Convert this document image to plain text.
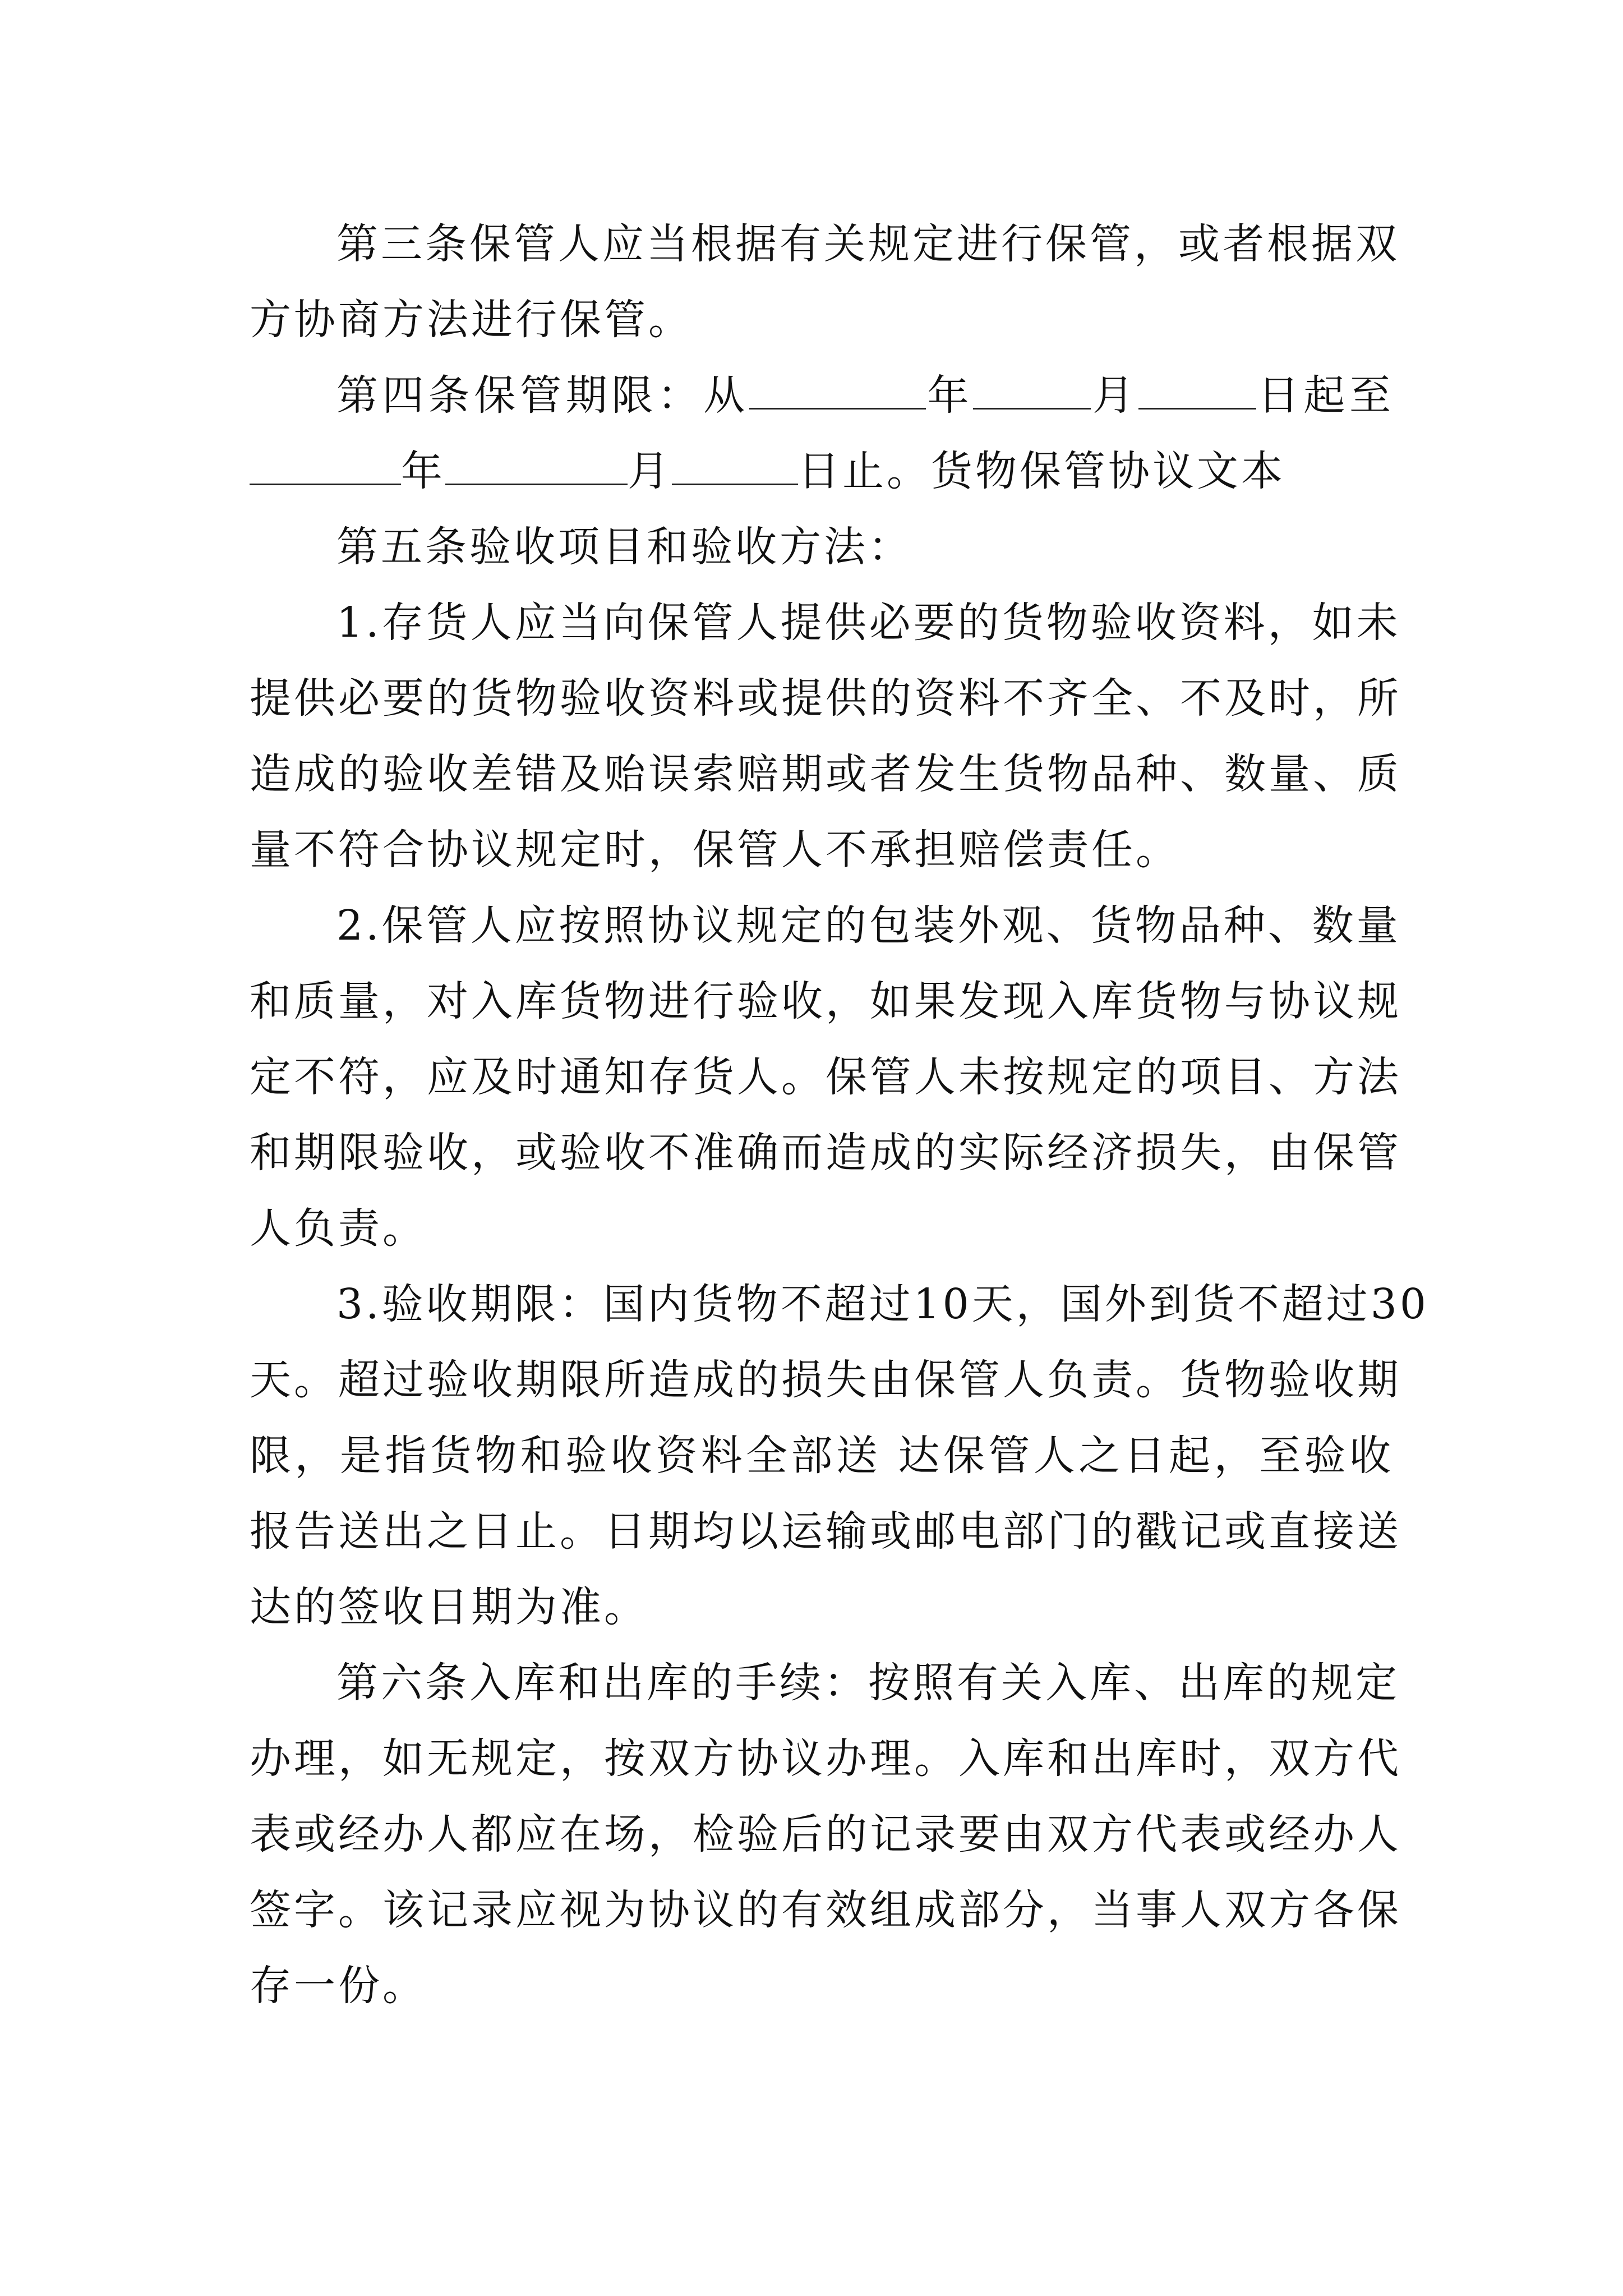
第三条保管人应当根据有关规定进行保管，或者根据双
方协商方法进行保管。
第四条保管期限：从	年	月	日起至
年	月	日止。货物保管协议文本
第五条验收项目和验收方法：
1.存货人应当向保管人提供必要的货物验收资料，如未
提供必要的货物验收资料或提供的资料不齐全、不及时，所
造成的验收差错及贻误索赔期或者发生货物品种、数量、质
量不符合协议规定时，保管人不承担赔偿责任。
2.保管人应按照协议规定的包装外观、货物品种、数量
和质量，对入库货物进行验收，如果发现入库货物与协议规
定不符，应及时通知存货人。保管人未按规定的项目、方法
和期限验收，或验收不准确而造成的实际经济损失，由保管
人负责。
3.验收期限：国内货物不超过10天，国外到货不超过30
天。超过验收期限所造成的损失由保管人负责。货物验收期
限，是指货物和验收资料全部送 达保管人之日起，至验收
报告送出之日止。日期均以运输或邮电部门的戳记或直接送
达的签收日期为准。
第六条入库和出库的手续：按照有关入库、出库的规定
办理，如无规定，按双方协议办理。入库和出库时，双方代
表或经办人都应在场，检验后的记录要由双方代表或经办人
签字。该记录应视为协议的有效组成部分，当事人双方各保
存一份。
